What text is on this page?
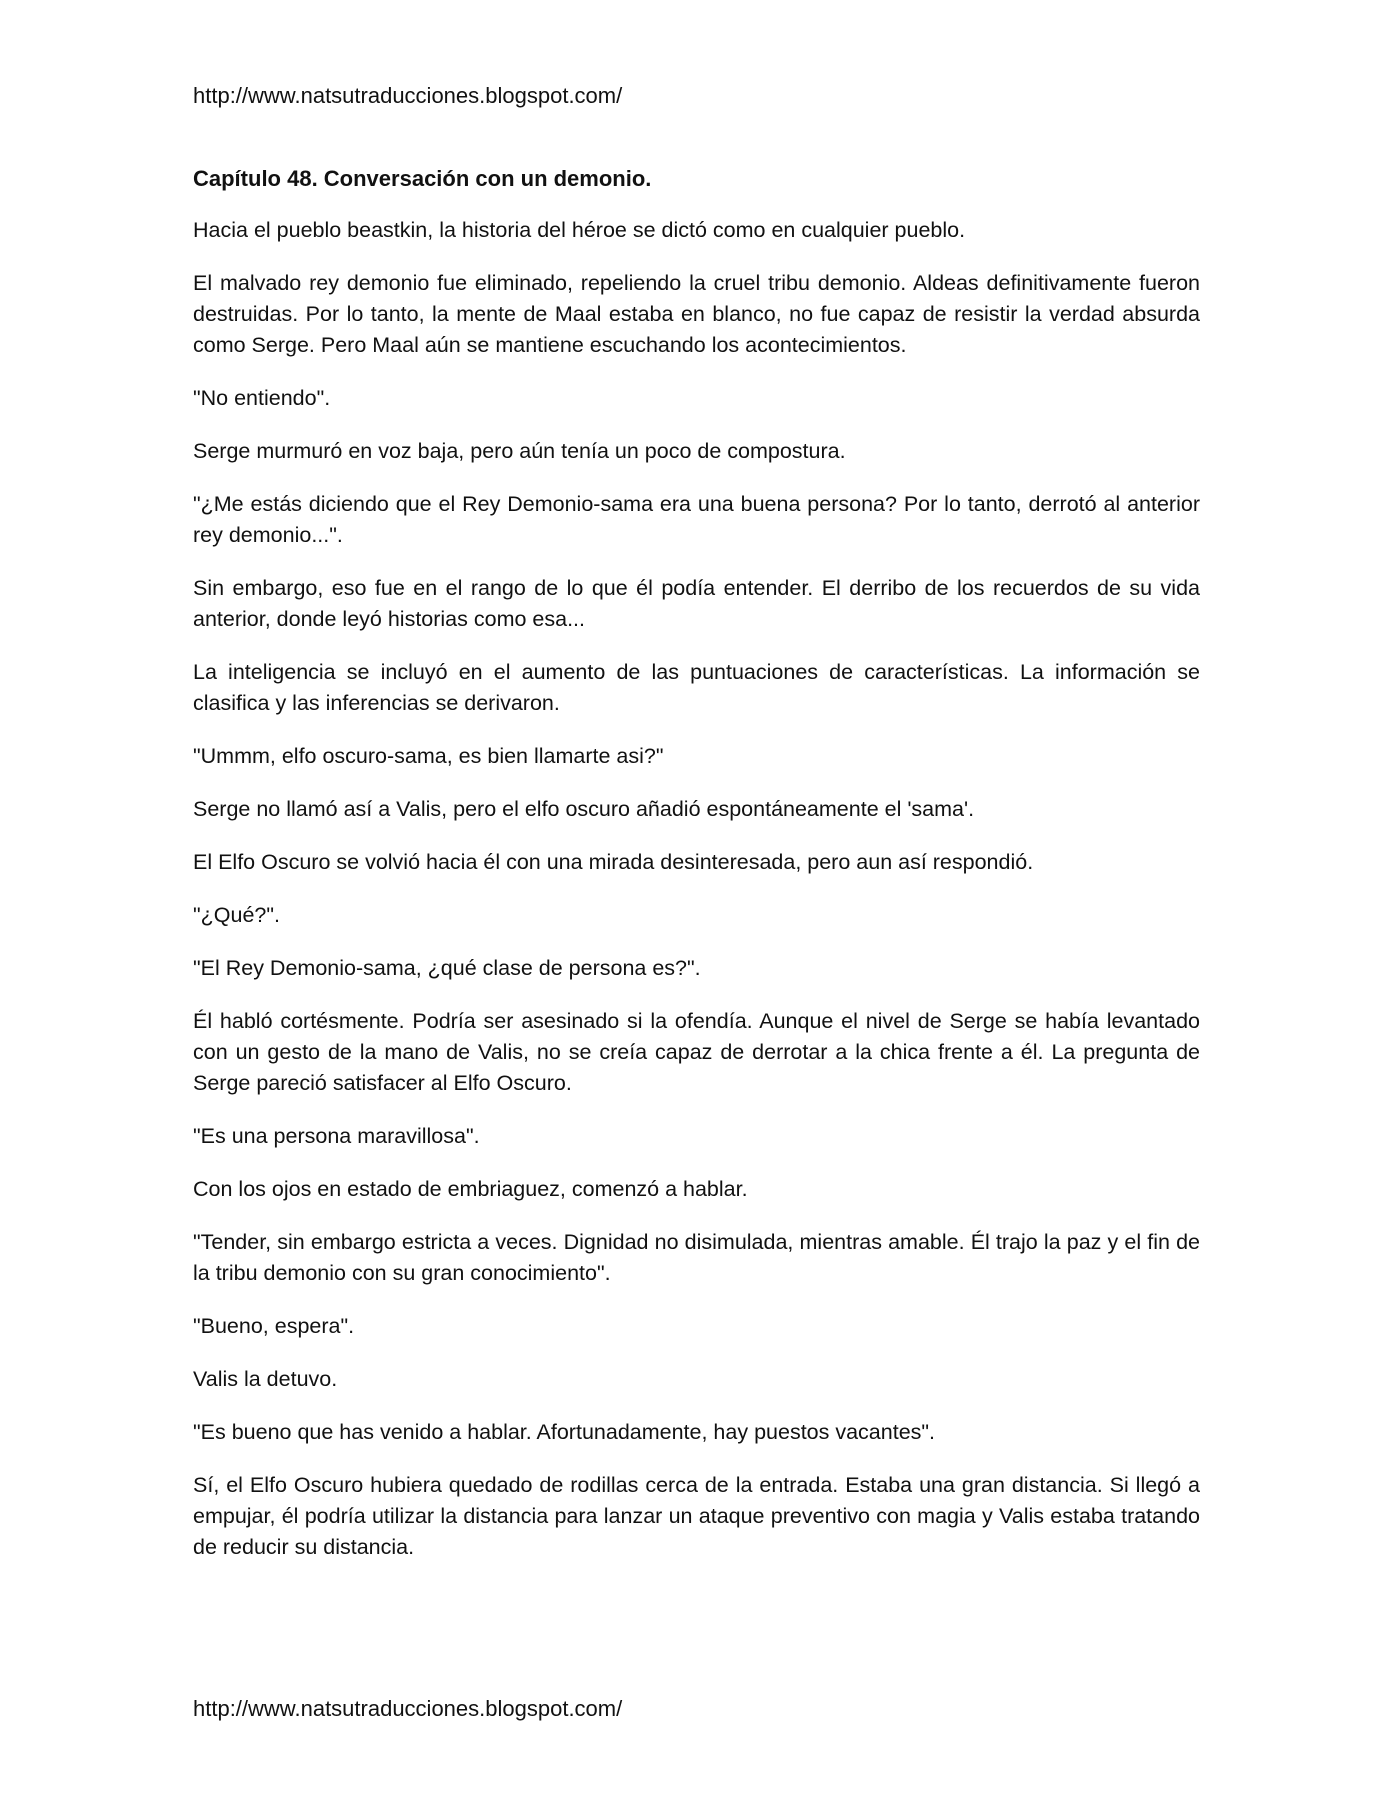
http://www.natsutraducciones.blogspot.com/
Capítulo 48. Conversación con un demonio.

Hacia el pueblo beastkin, la historia del héroe se dictó como en cualquier pueblo.

El malvado rey demonio fue eliminado, repeliendo la cruel tribu demonio. Aldeas definitivamente fueron destruidas. Por lo tanto, la mente de Maal estaba en blanco, no fue capaz de resistir la verdad absurda como Serge. Pero Maal aún se mantiene escuchando los acontecimientos.

"No entiendo".

Serge murmuró en voz baja, pero aún tenía un poco de compostura.

"¿Me estás diciendo que el Rey Demonio-sama era una buena persona? Por lo tanto, derrotó al anterior rey demonio...".

Sin embargo, eso fue en el rango de lo que él podía entender. El derribo de los recuerdos de su vida anterior, donde leyó historias como esa...

La inteligencia se incluyó en el aumento de las puntuaciones de características. La información se clasifica y las inferencias se derivaron.

"Ummm, elfo oscuro-sama, es bien llamarte asi?"

Serge no llamó así a Valis, pero el elfo oscuro añadió espontáneamente el 'sama'.

El Elfo Oscuro se volvió hacia él con una mirada desinteresada, pero aun así respondió.

"¿Qué?".

"El Rey Demonio-sama, ¿qué clase de persona es?".

Él habló cortésmente. Podría ser asesinado si la ofendía. Aunque el nivel de Serge se había levantado con un gesto de la mano de Valis, no se creía capaz de derrotar a la chica frente a él. La pregunta de Serge pareció satisfacer al Elfo Oscuro.

"Es una persona maravillosa".

Con los ojos en estado de embriaguez, comenzó a hablar.

"Tender, sin embargo estricta a veces. Dignidad no disimulada, mientras amable. Él trajo la paz y el fin de la tribu demonio con su gran conocimiento".

"Bueno, espera".

Valis la detuvo.

"Es bueno que has venido a hablar. Afortunadamente, hay puestos vacantes".

Sí, el Elfo Oscuro hubiera quedado de rodillas cerca de la entrada. Estaba una gran distancia. Si llegó a empujar, él podría utilizar la distancia para lanzar un ataque preventivo con magia y Valis estaba tratando de reducir su distancia.

http://www.natsutraducciones.blogspot.com/
